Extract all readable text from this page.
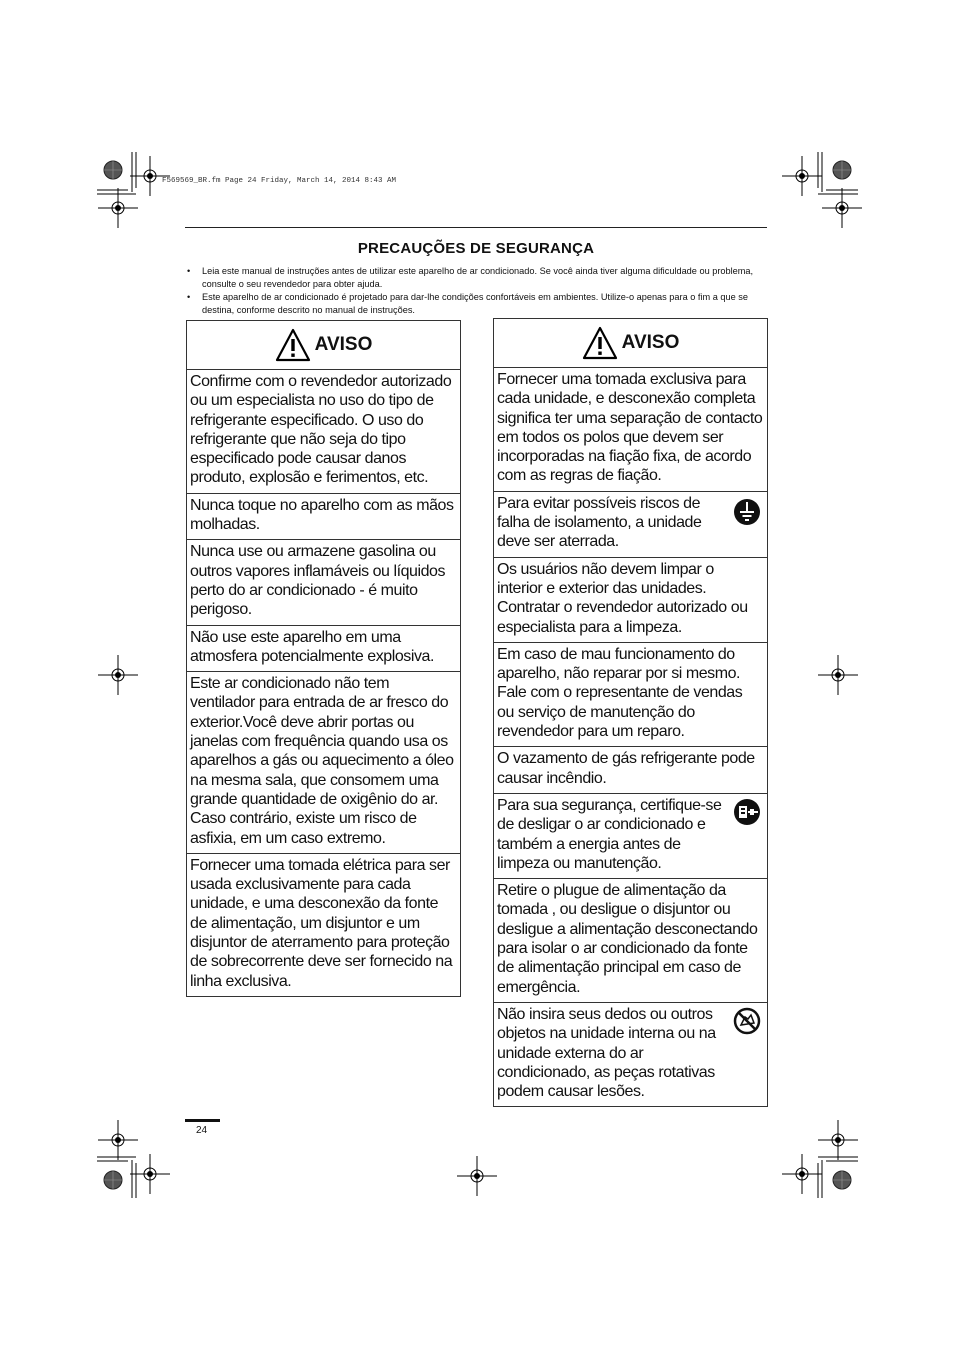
F569569_BR.fm Page 24 Friday, March 14, 2014 8:43 AM
PRECAUÇÕES DE SEGURANÇA
• Leia este manual de instruções antes de utilizar este aparelho de ar condicionado. Se você ainda tiver alguma dificuldade ou problema, consulte o seu revendedor para obter ajuda.
• Este aparelho de ar condicionado é projetado para dar-lhe condições confortáveis em ambientes. Utilize-o apenas para o fim a que se destina, conforme descrito no manual de instruções.
AVISO
Confirme com o revendedor autorizado ou um especialista no uso do tipo de refrigerante especificado. O uso do refrigerante que não seja do tipo especificado pode causar danos produto, explosão e ferimentos, etc.
Nunca toque no aparelho com as mãos molhadas.
Nunca use ou armazene gasolina ou outros vapores inflamáveis ou líquidos perto do ar condicionado - é muito perigoso.
Não use este aparelho em uma atmosfera potencialmente explosiva.
Este ar condicionado não tem ventilador para entrada de ar fresco do exterior.Você deve abrir portas ou janelas com frequência quando usa os aparelhos a gás ou aquecimento a óleo na mesma sala, que consomem uma grande quantidade de oxigênio do ar. Caso contrário, existe um risco de asfixia, em um caso extremo.
Fornecer uma tomada elétrica para ser usada exclusivamente para cada unidade, e uma desconexão da fonte de alimentação, um disjuntor e um disjuntor de aterramento para proteção de sobrecorrente deve ser fornecido na linha exclusiva.
AVISO
Fornecer uma tomada exclusiva para cada unidade, e desconexão completa significa ter uma separação de contacto em todos os polos que devem ser incorporadas na fiação fixa, de acordo com as regras de fiação.
Para evitar possíveis riscos de falha de isolamento, a unidade deve ser aterrada.
Os usuários não devem limpar o interior e exterior das unidades. Contratar o revendedor autorizado ou especialista para a limpeza.
Em caso de mau funcionamento do aparelho, não reparar por si mesmo. Fale com o representante de vendas ou serviço de manutenção do revendedor para um reparo.
O vazamento de gás refrigerante pode causar incêndio.
Para sua segurança, certifique-se de desligar o ar condicionado e também a energia antes de limpeza ou manutenção.
Retire o plugue de alimentação da tomada , ou desligue o disjuntor ou desligue a alimentação desconectando para isolar o ar condicionado da fonte de alimentação principal em caso de emergência.
Não insira seus dedos ou outros objetos na unidade interna ou na unidade externa do ar condicionado, as peças rotativas podem causar lesões.
24
